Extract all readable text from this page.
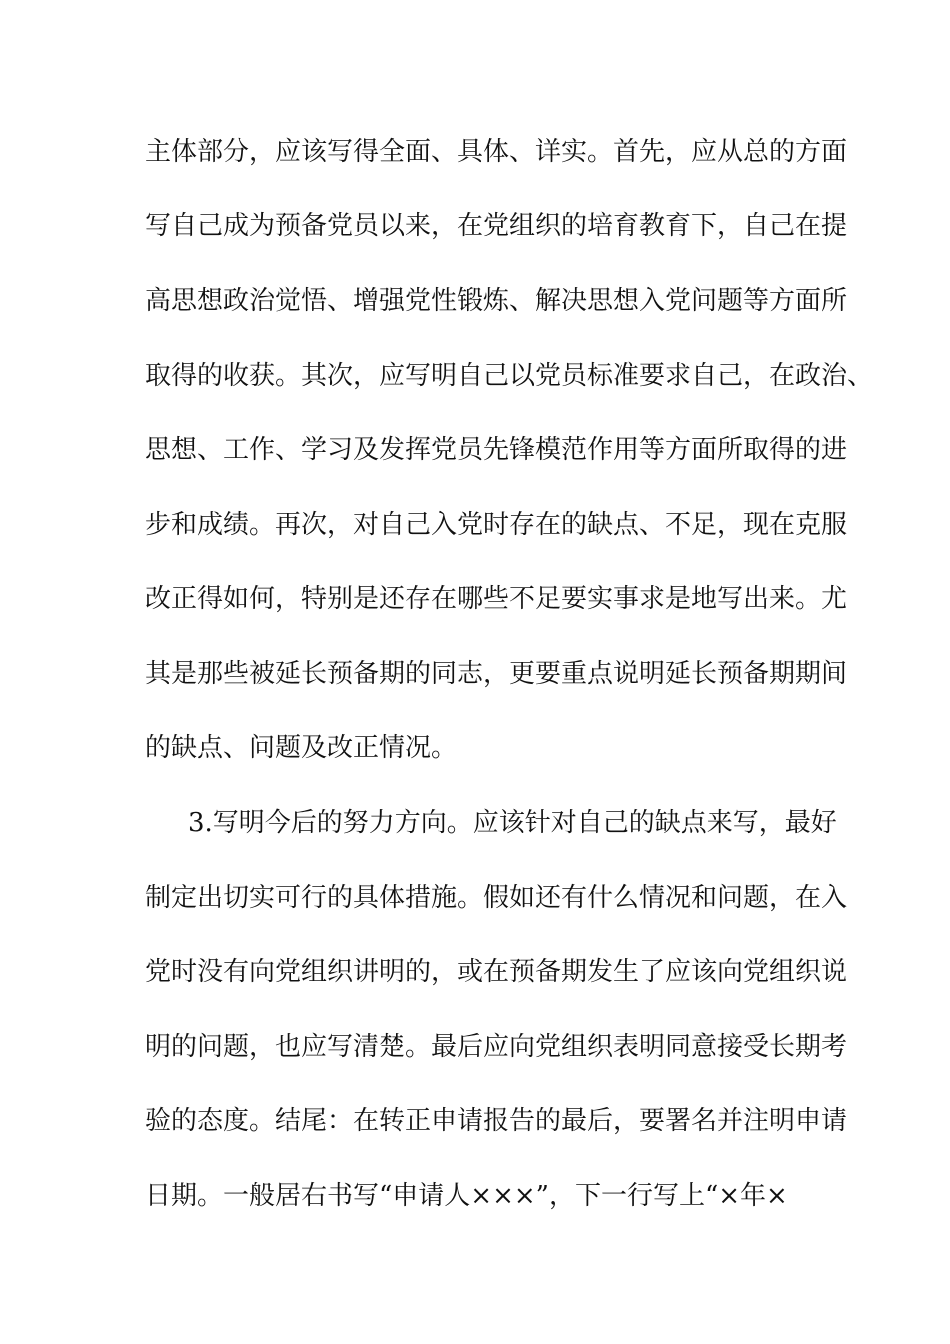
主体部分，应该写得全面、具体、详实。首先，应从总的方面

写自己成为预备党员以来，在党组织的培育教育下，自己在提

高思想政治觉悟、增强党性锻炼、解决思想入党问题等方面所

取得的收获。其次，应写明自己以党员标准要求自己，在政治、

思想、工作、学习及发挥党员先锋模范作用等方面所取得的进

步和成绩。再次，对自己入党时存在的缺点、不足，现在克服

改正得如何，特别是还存在哪些不足要实事求是地写出来。尤

其是那些被延长预备期的同志，更要重点说明延长预备期期间

的缺点、问题及改正情况。

3.写明今后的努力方向。应该针对自己的缺点来写，最好

制定出切实可行的具体措施。假如还有什么情况和问题，在入

党时没有向党组织讲明的，或在预备期发生了应该向党组织说

明的问题，也应写清楚。最后应向党组织表明同意接受长期考

验的态度。结尾：在转正申请报告的最后，要署名并注明申请

日期。一般居右书写“申请人×××”，下一行写上“×年×
